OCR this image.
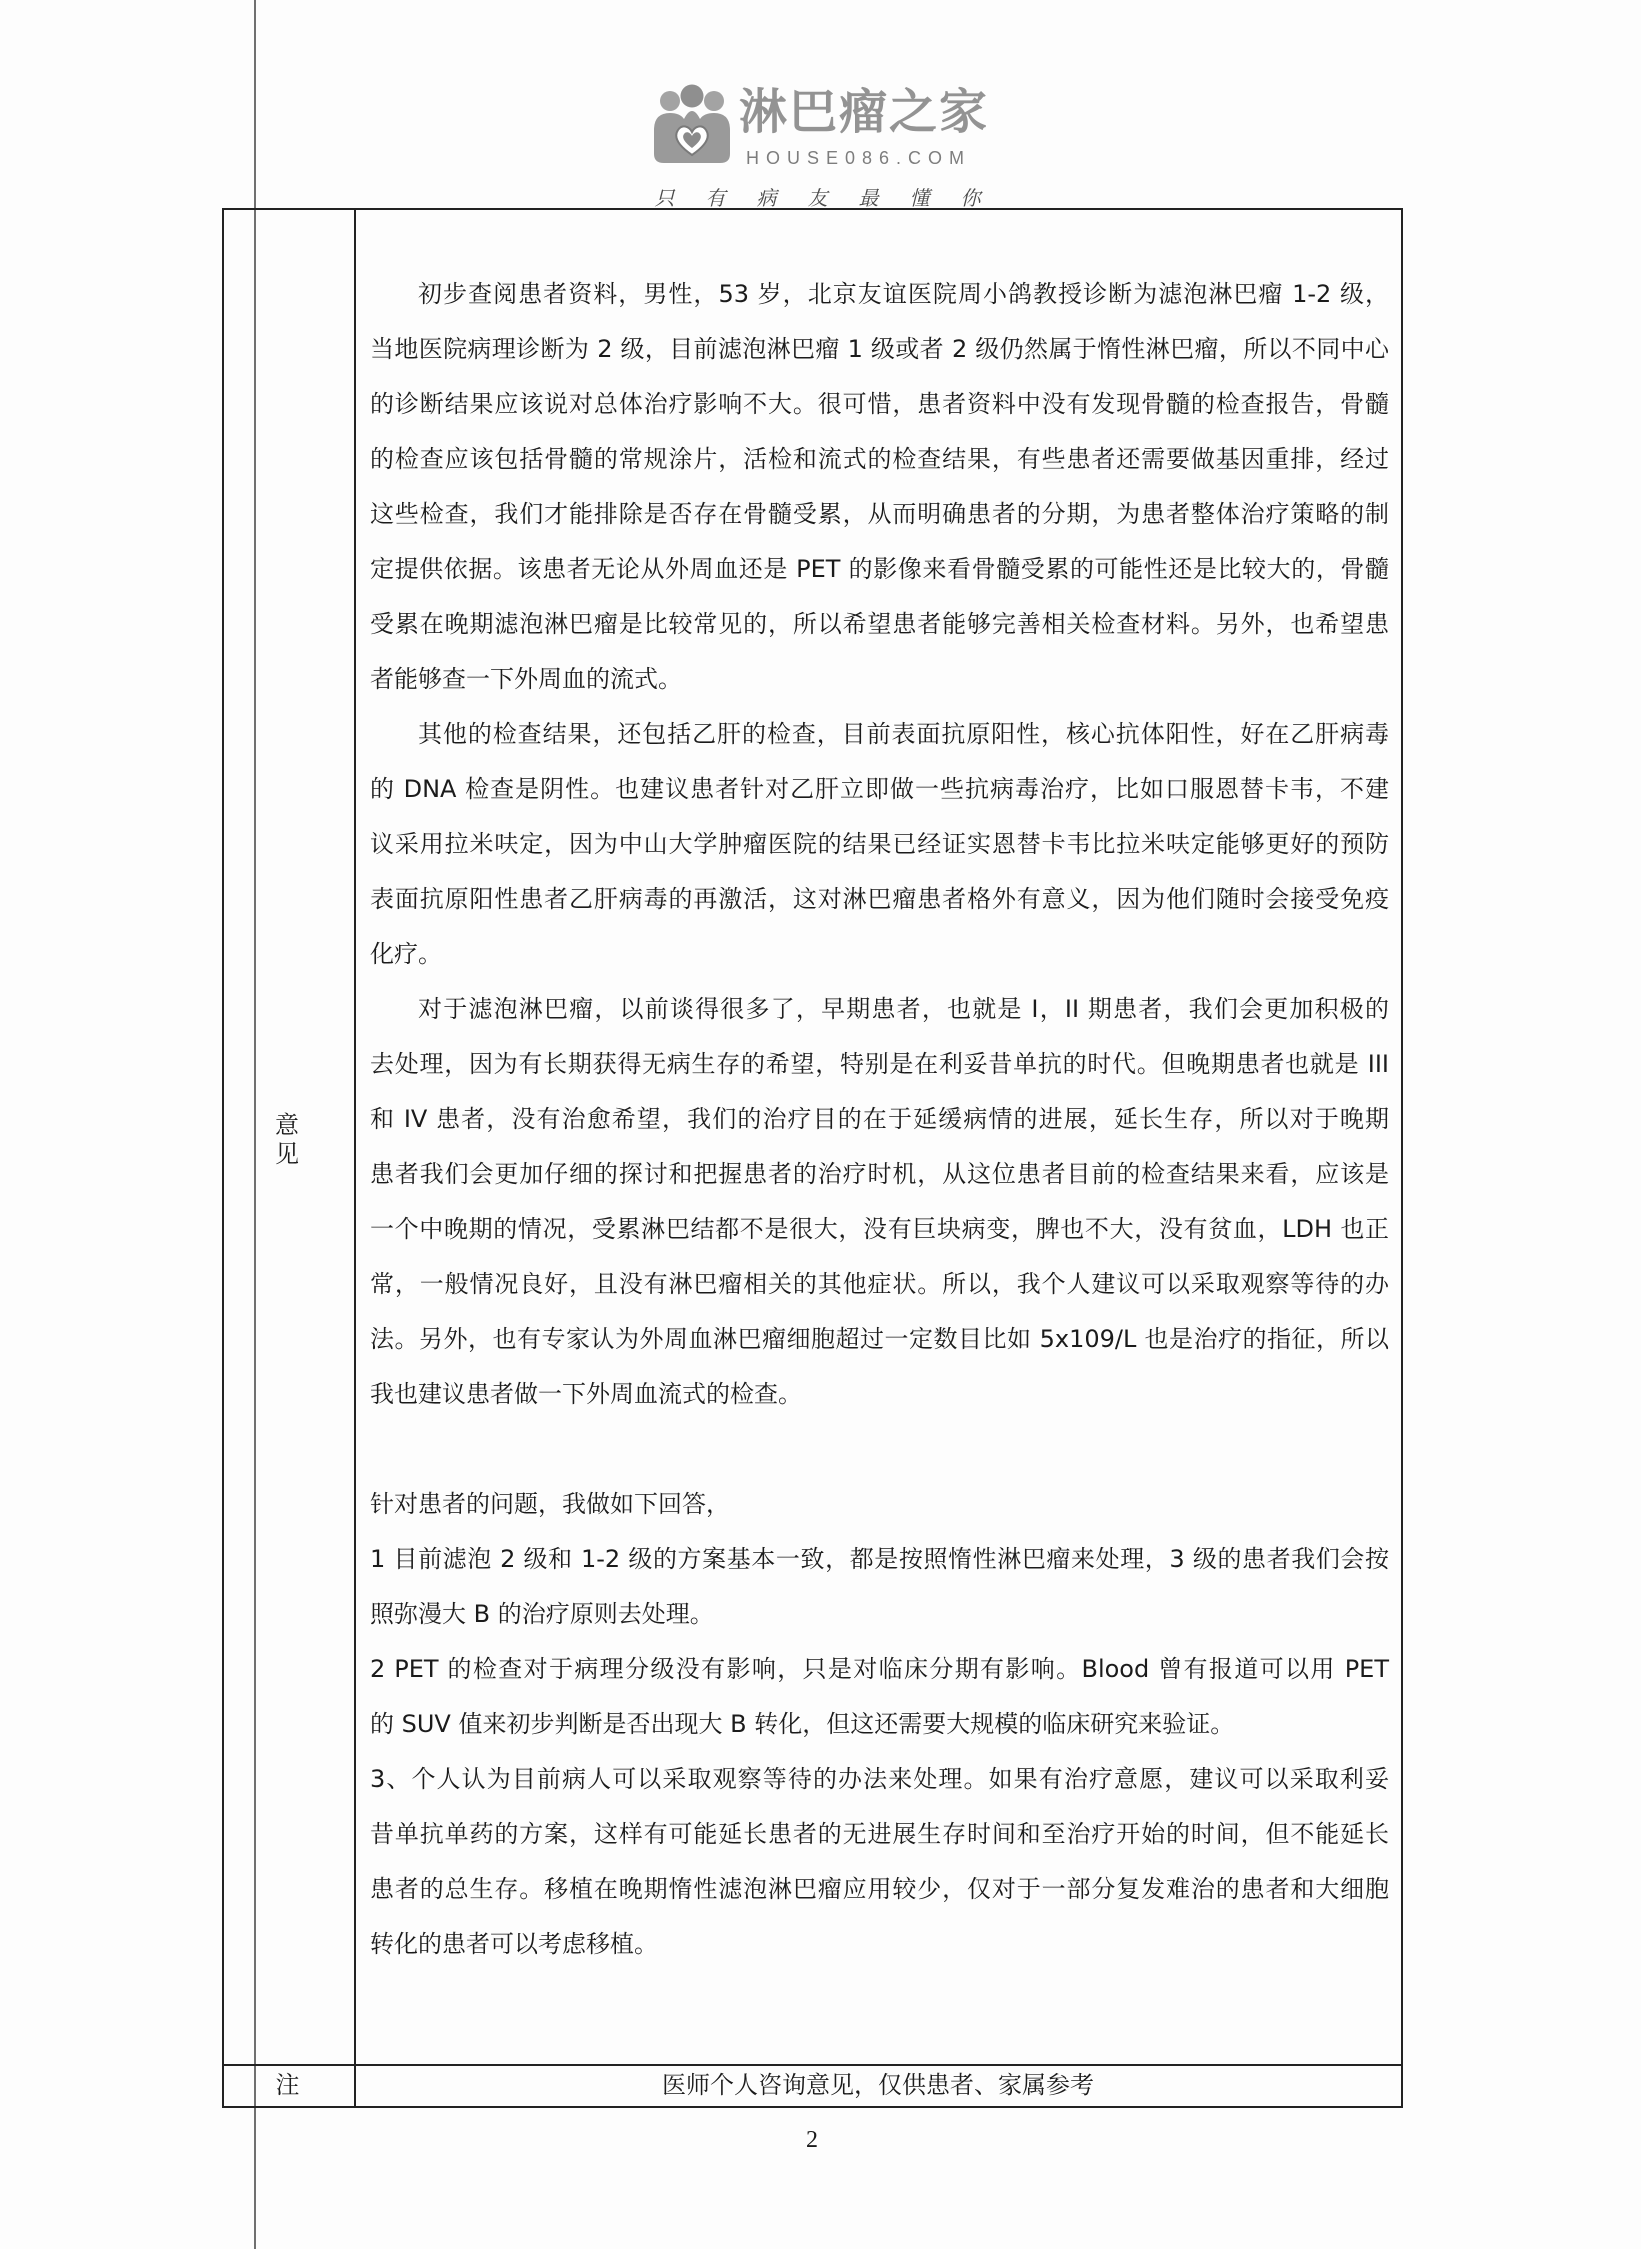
淋巴瘤之家
HOUSE086.COM
只有病友最懂你
意见
初步查阅患者资料，男性，53 岁，北京友谊医院周小鸽教授诊断为滤泡淋巴瘤 1-2 级，
当地医院病理诊断为 2 级，目前滤泡淋巴瘤 1 级或者 2 级仍然属于惰性淋巴瘤，所以不同中心
的诊断结果应该说对总体治疗影响不大。很可惜，患者资料中没有发现骨髓的检查报告，骨髓
的检查应该包括骨髓的常规涂片，活检和流式的检查结果，有些患者还需要做基因重排，经过
这些检查，我们才能排除是否存在骨髓受累，从而明确患者的分期，为患者整体治疗策略的制
定提供依据。该患者无论从外周血还是 PET 的影像来看骨髓受累的可能性还是比较大的，骨髓
受累在晚期滤泡淋巴瘤是比较常见的，所以希望患者能够完善相关检查材料。另外，也希望患
者能够查一下外周血的流式。
其他的检查结果，还包括乙肝的检查，目前表面抗原阳性，核心抗体阳性，好在乙肝病毒
的 DNA 检查是阴性。也建议患者针对乙肝立即做一些抗病毒治疗，比如口服恩替卡韦，不建
议采用拉米呋定，因为中山大学肿瘤医院的结果已经证实恩替卡韦比拉米呋定能够更好的预防
表面抗原阳性患者乙肝病毒的再激活，这对淋巴瘤患者格外有意义，因为他们随时会接受免疫
化疗。
对于滤泡淋巴瘤，以前谈得很多了，早期患者，也就是 I，II 期患者，我们会更加积极的
去处理，因为有长期获得无病生存的希望，特别是在利妥昔单抗的时代。但晚期患者也就是 III
和 IV 患者，没有治愈希望，我们的治疗目的在于延缓病情的进展，延长生存，所以对于晚期
患者我们会更加仔细的探讨和把握患者的治疗时机，从这位患者目前的检查结果来看，应该是
一个中晚期的情况，受累淋巴结都不是很大，没有巨块病变，脾也不大，没有贫血，LDH 也正
常，一般情况良好，且没有淋巴瘤相关的其他症状。所以，我个人建议可以采取观察等待的办
法。另外，也有专家认为外周血淋巴瘤细胞超过一定数目比如 5x109/L 也是治疗的指征，所以
我也建议患者做一下外周血流式的检查。
针对患者的问题，我做如下回答，
1 目前滤泡 2 级和 1-2 级的方案基本一致，都是按照惰性淋巴瘤来处理，3 级的患者我们会按
照弥漫大 B 的治疗原则去处理。
2 PET 的检查对于病理分级没有影响，只是对临床分期有影响。Blood 曾有报道可以用 PET
的 SUV 值来初步判断是否出现大 B 转化，但这还需要大规模的临床研究来验证。
3、个人认为目前病人可以采取观察等待的办法来处理。如果有治疗意愿，建议可以采取利妥
昔单抗单药的方案，这样有可能延长患者的无进展生存时间和至治疗开始的时间，但不能延长
患者的总生存。移植在晚期惰性滤泡淋巴瘤应用较少，仅对于一部分复发难治的患者和大细胞
转化的患者可以考虑移植。
注	医师个人咨询意见，仅供患者、家属参考
2
